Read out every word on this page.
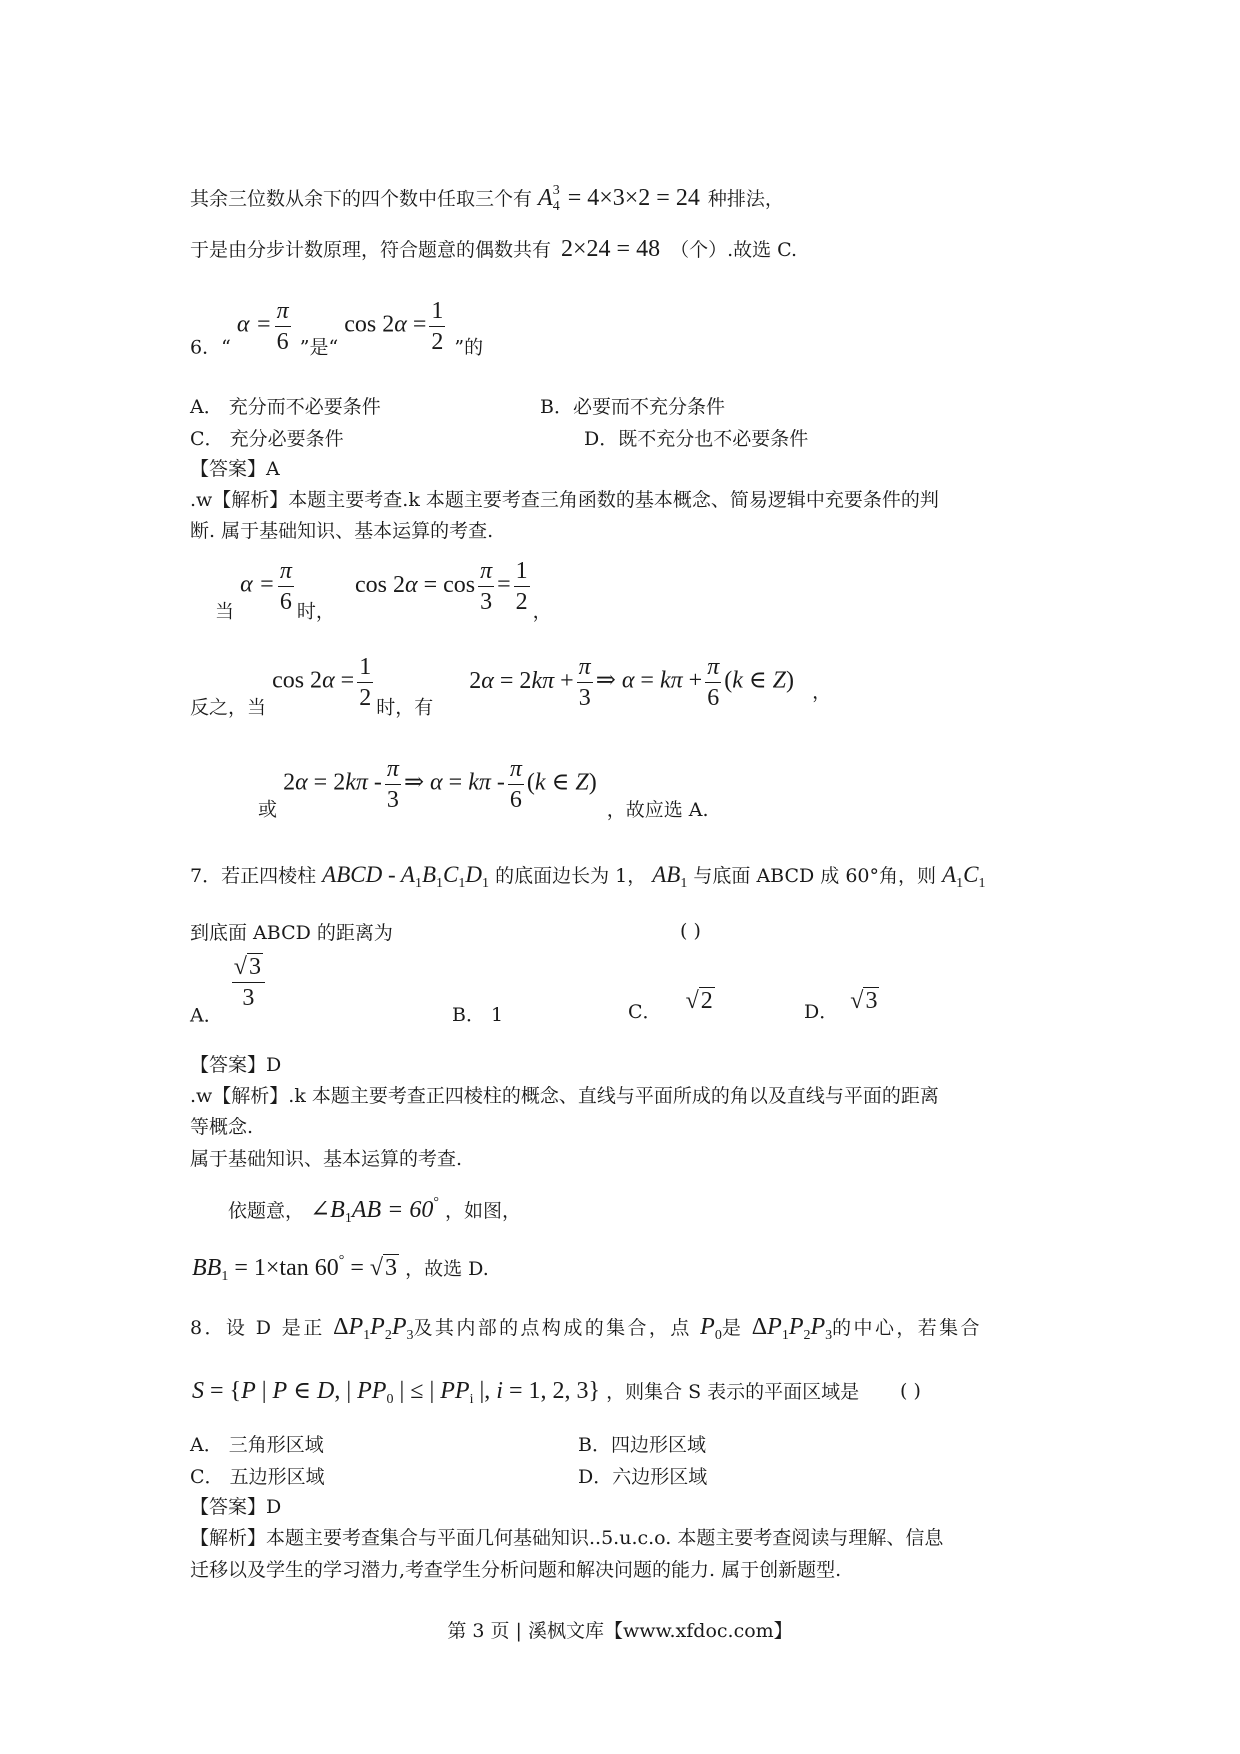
其余三位数从余下的四个数中任取三个有 $A_4^3 = 4\times 3\times 2 = 24$ 种排法，
于是由分步计数原理，符合题意的偶数共有 2×24 = 48 （个）.故选 C.
6．“ $\alpha = \frac{\pi}{6}$ ”是“ $\cos 2\alpha = \frac{1}{2}$ ”的
A． 充分而不必要条件	B．必要而不充分条件
C． 充分必要条件	D．既不充分也不必要条件
【答案】A
.w【解析】本题主要考查.k 本题主要考查三角函数的基本概念、简易逻辑中充要条件的判
断. 属于基础知识、基本运算的考查.
当 $\alpha = \frac{\pi}{6}$ 时， $\cos 2\alpha = \cos \frac{\pi}{3} = \frac{1}{2}$ ，
反之，当 $\cos 2\alpha = \frac{1}{2}$ 时，有 $2\alpha = 2k\pi + \frac{\pi}{3}$ ⇒ $\alpha = k\pi + \frac{\pi}{6} (k$ ∈ Z) ，
或 $2\alpha = 2k\pi - \frac{\pi}{3}$ ⇒ $\alpha = k\pi - \frac{\pi}{6} (k$ ∈ Z) ，故应选 A.
7．若正四棱柱 ABCD - $A_1B_1C_1D_1$ 的底面边长为 1， $AB_1$ 与底面 ABCD 成 60°角，则 $A_1C_1$
到底面 ABCD 的距离为	( )
A．
$\frac{√3}{3}$
B． 1	C． √2	D． √3
【答案】D
.w【解析】.k 本题主要考查正四棱柱的概念、直线与平面所成的角以及直线与平面的距离
等概念.
属于基础知识、基本运算的考查.
依题意， $\angle B_1AB = 60^\circ$ ，如图，
$BB_1 = 1\times\tan$ 60° = √3 ，故选 D.
8．设 D 是正 $\Delta P_1P_2P_3$及其内部的点构成的集合，点 $P_0$是 $\Delta P_1P_2P_3$的中心，若集合
S = {P | P ∈ D, | $PP_0$ | ≤ | $PP_i$ |, i = 1, 2, 3} ，则集合 S 表示的平面区域是 ( )
A． 三角形区域	B．四边形区域
C． 五边形区域	D．六边形区域
【答案】D
【解析】本题主要考查集合与平面几何基础知识..5.u.c.o. 本题主要考查阅读与理解、信息
迁移以及学生的学习潜力,考查学生分析问题和解决问题的能力. 属于创新题型.
第 3 页 | 溪枫文库【www.xfdoc.com】
